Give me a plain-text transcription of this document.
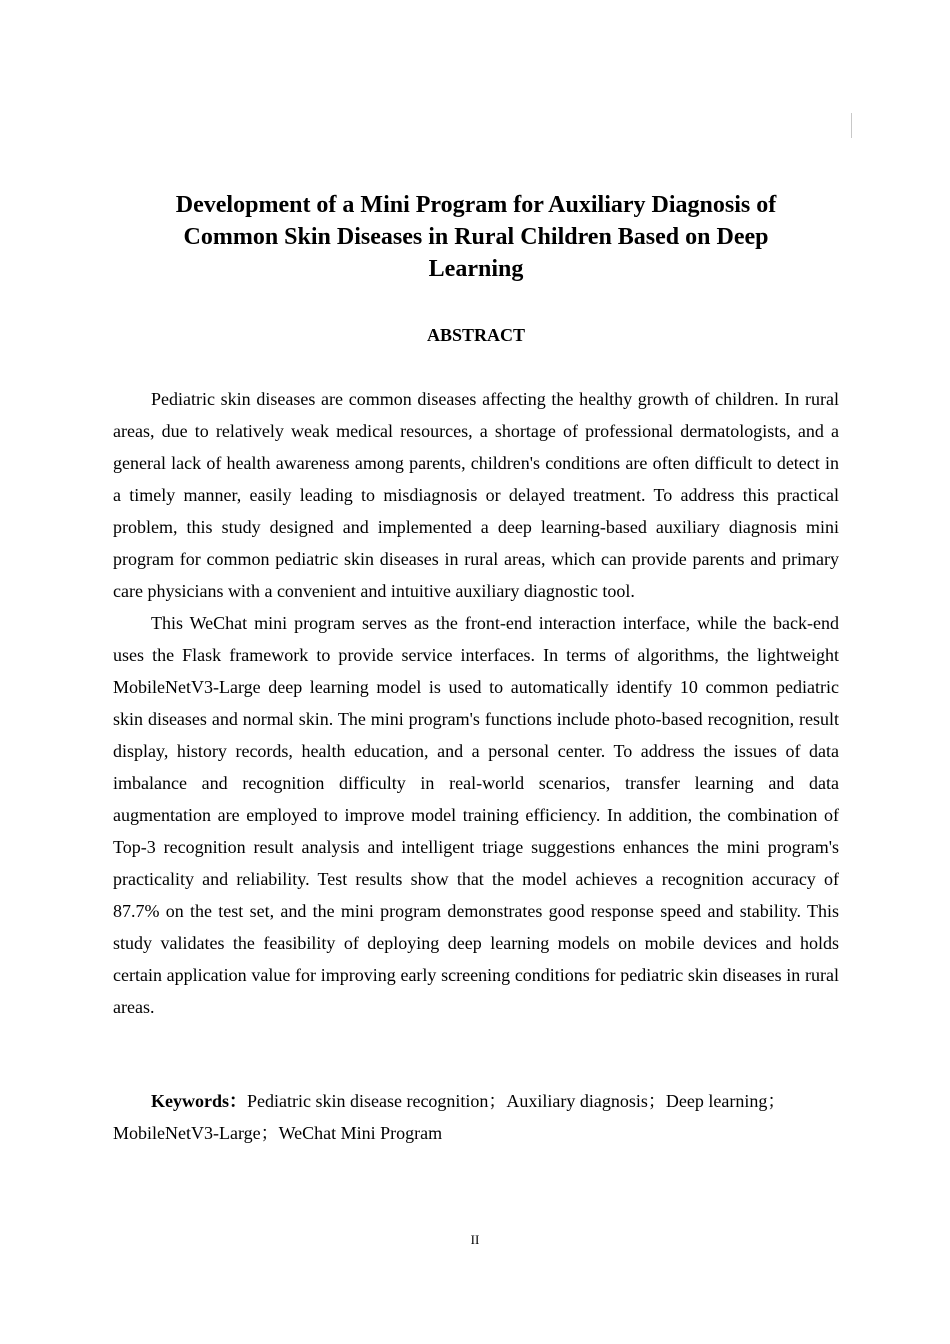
Development of a Mini Program for Auxiliary Diagnosis of
Common Skin Diseases in Rural Children Based on Deep
Learning
ABSTRACT

Pediatric skin diseases are common diseases affecting the healthy growth of children. In rural areas, due to relatively weak medical resources, a shortage of professional dermatologists, and a general lack of health awareness among parents, children's conditions are often difficult to detect in a timely manner, easily leading to misdiagnosis or delayed treatment. To address this practical problem, this study designed and implemented a deep learning-based auxiliary diagnosis mini program for common pediatric skin diseases in rural areas, which can provide parents and primary care physicians with a convenient and intuitive auxiliary diagnostic tool.

This WeChat mini program serves as the front-end interaction interface, while the back-end uses the Flask framework to provide service interfaces. In terms of algorithms, the lightweight MobileNetV3-Large deep learning model is used to automatically identify 10 common pediatric skin diseases and normal skin. The mini program's functions include photo-based recognition, result display, history records, health education, and a personal center. To address the issues of data imbalance and recognition difficulty in real-world scenarios, transfer learning and data augmentation are employed to improve model training efficiency. In addition, the combination of Top-3 recognition result analysis and intelligent triage suggestions enhances the mini program's practicality and reliability. Test results show that the model achieves a recognition accuracy of 87.7% on the test set, and the mini program demonstrates good response speed and stability. This study validates the feasibility of deploying deep learning models on mobile devices and holds certain application value for improving early screening conditions for pediatric skin diseases in rural areas.

Keywords：Pediatric skin disease recognition；Auxiliary diagnosis；Deep learning；MobileNetV3-Large；WeChat Mini Program

II
